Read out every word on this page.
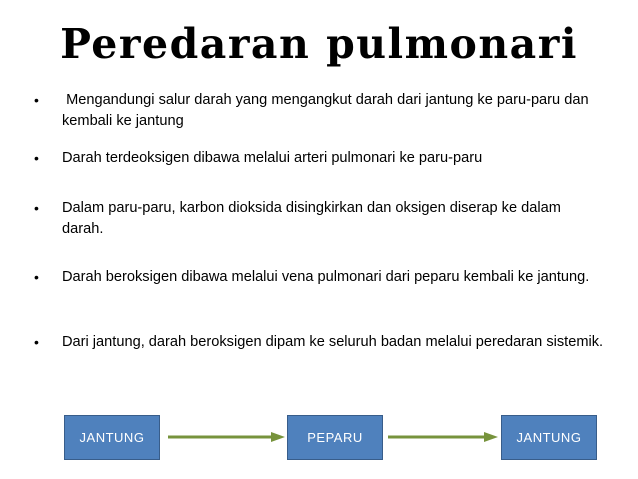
Peredaran pulmonari
• Mengandungi salur darah yang mengangkut darah dari jantung ke paru-paru dan kembali ke jantung
• Darah terdeoksigen dibawa melalui arteri pulmonari ke paru-paru
• Dalam paru-paru, karbon dioksida disingkirkan dan oksigen diserap ke dalam darah.
• Darah beroksigen dibawa melalui vena pulmonari dari peparu kembali ke jantung.
• Dari jantung, darah beroksigen dipam ke seluruh badan melalui peredaran sistemik.
JANTUNG	PEPARU	JANTUNG
